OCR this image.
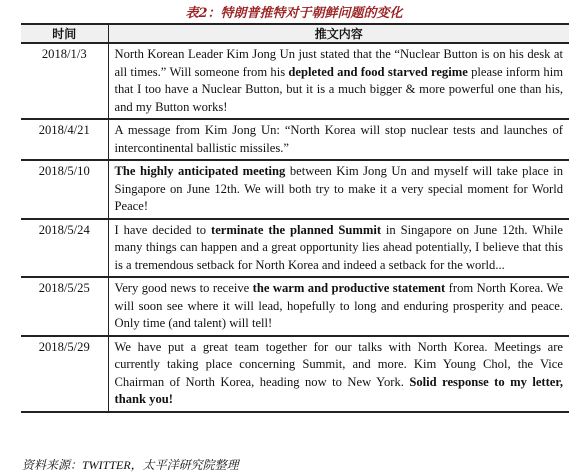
表2：特朗普推特对于朝鲜问题的变化
时间	推文内容
2018/1/3	North Korean Leader Kim Jong Un just stated that the “Nuclear Button is on his desk at all times.” Will someone from his depleted and food starved regime please inform him that I too have a Nuclear Button, but it is a much bigger & more powerful one than his, and my Button works!
2018/4/21	A message from Kim Jong Un: “North Korea will stop nuclear tests and launches of intercontinental ballistic missiles.”
2018/5/10	The highly anticipated meeting between Kim Jong Un and myself will take place in Singapore on June 12th. We will both try to make it a very special moment for World Peace!
2018/5/24	I have decided to terminate the planned Summit in Singapore on June 12th. While many things can happen and a great opportunity lies ahead potentially, I believe that this is a tremendous setback for North Korea and indeed a setback for the world...
2018/5/25	Very good news to receive the warm and productive statement from North Korea. We will soon see where it will lead, hopefully to long and enduring prosperity and peace. Only time (and talent) will tell!
2018/5/29	We have put a great team together for our talks with North Korea. Meetings are currently taking place concerning Summit, and more. Kim Young Chol, the Vice Chairman of North Korea, heading now to New York. Solid response to my letter, thank you!
资料来源：TWITTER，太平洋研究院整理
